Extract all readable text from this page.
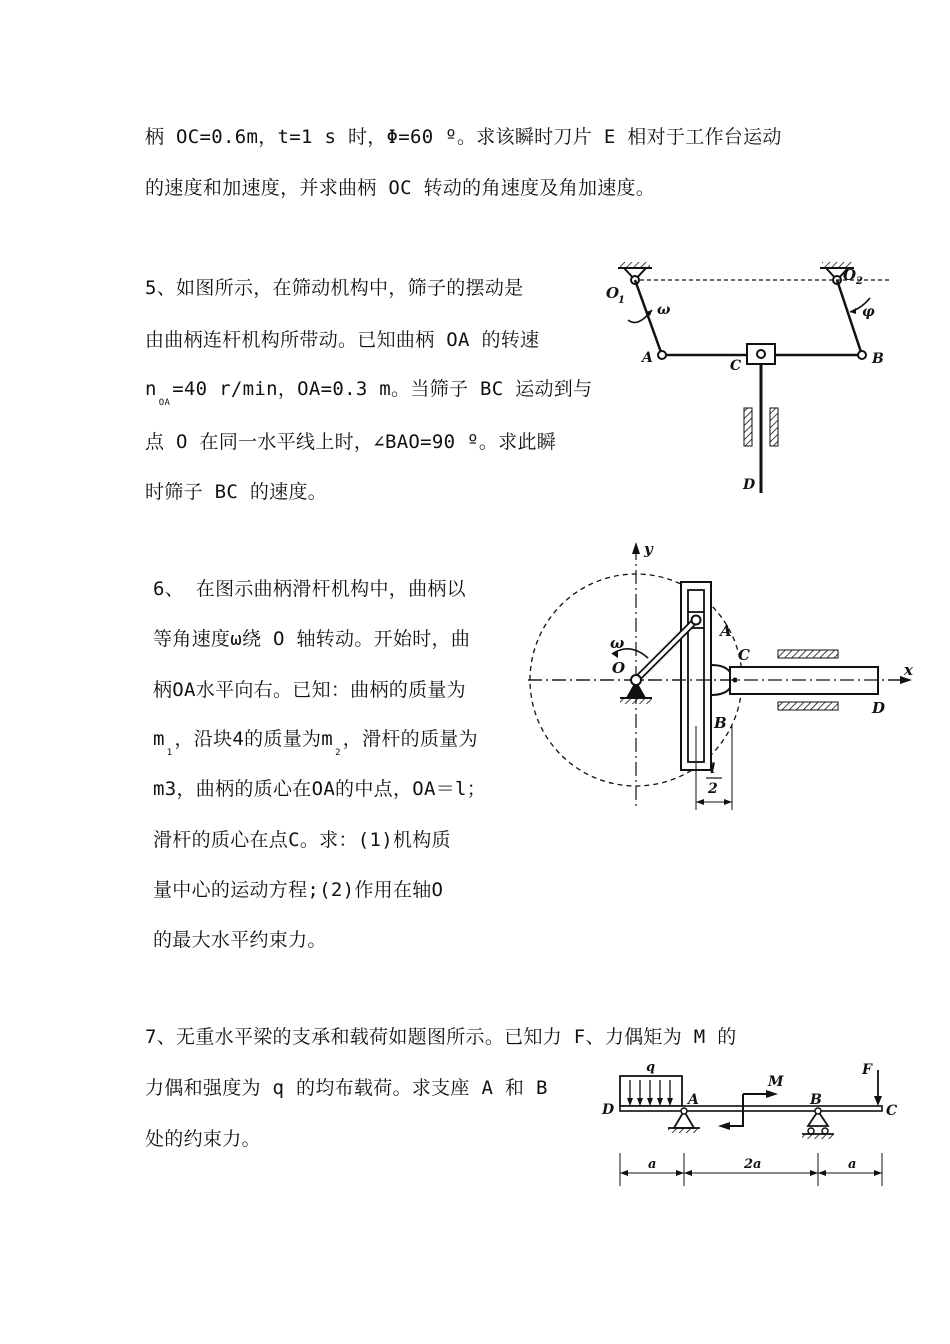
柄 OC=0.6m，t=1 s 时，Φ=60 º。求该瞬时刀片 E 相对于工作台运动
的速度和加速度，并求曲柄 OC 转动的角速度及角加速度。
5、如图所示，在筛动机构中，筛子的摆动是
由曲柄连杆机构所带动。已知曲柄 OA 的转速
$n_{OA}=40$ r/min，OA=0.3 m。当筛子 BC 运动到与
点 O 在同一水平线上时，∠BAO=90 º。求此瞬
时筛子 BC 的速度。
O
1
O 2
ω	φ
A	B
C
D
6、 在图示曲柄滑杆机构中，曲柄以
等角速度ω绕 O 轴转动。开始时，曲
柄OA水平向右。已知：曲柄的质量为
$m_1$，沿块4的质量为$m_2$，滑杆的质量为
m3，曲柄的质心在OA的中点，OA＝l；
滑杆的质心在点C。求：(1)机构质
量中心的运动方程;(2)作用在轴O
的最大水平约束力。
y
x
ω
O
A
B
C
D
l
2
7、无重水平梁的支承和载荷如题图所示。已知力 F、力偶矩为 M 的
力偶和强度为 q 的均布载荷。求支座 A 和 B
处的约束力。
q
M
F
D
A	B
C
a	2a	a
